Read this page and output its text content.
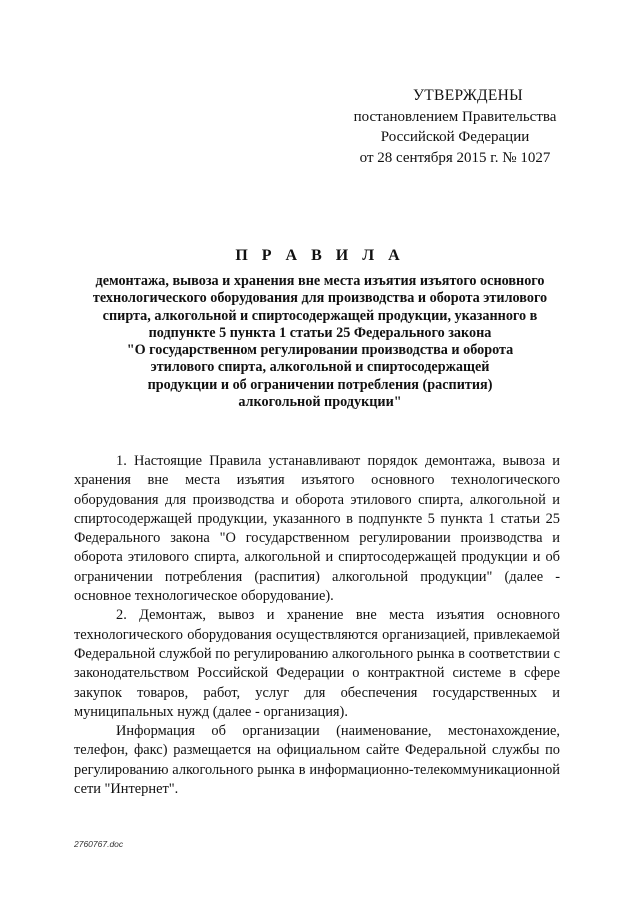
УТВЕРЖДЕНЫ
постановлением Правительства
Российской Федерации
от 28 сентября 2015 г. № 1027
П Р А В И Л А
демонтажа, вывоза и хранения вне места изъятия изъятого основного
технологического оборудования для производства и оборота этилового
спирта, алкогольной и спиртосодержащей продукции, указанного в
подпункте 5 пункта 1 статьи 25 Федерального закона
"О государственном регулировании производства и оборота
этилового спирта, алкогольной и спиртосодержащей
продукции и об ограничении потребления (распития)
алкогольной продукции"

1. Настоящие Правила устанавливают порядок демонтажа, вывоза и хранения вне места изъятия изъятого основного технологического оборудования для производства и оборота этилового спирта, алкогольной и спиртосодержащей продукции, указанного в подпункте 5 пункта 1 статьи 25 Федерального закона "О государственном регулировании производства и оборота этилового спирта, алкогольной и спиртосодержащей продукции и об ограничении потребления (распития) алкогольной продукции" (далее - основное технологическое оборудование).

2. Демонтаж, вывоз и хранение вне места изъятия основного технологического оборудования осуществляются организацией, привлекаемой Федеральной службой по регулированию алкогольного рынка в соответствии с законодательством Российской Федерации о контрактной системе в сфере закупок товаров, работ, услуг для обеспечения государственных и муниципальных нужд (далее - организация).

Информация об организации (наименование, местонахождение, телефон, факс) размещается на официальном сайте Федеральной службы по регулированию алкогольного рынка в информационно-телекоммуникационной сети "Интернет".

2760767.doc
